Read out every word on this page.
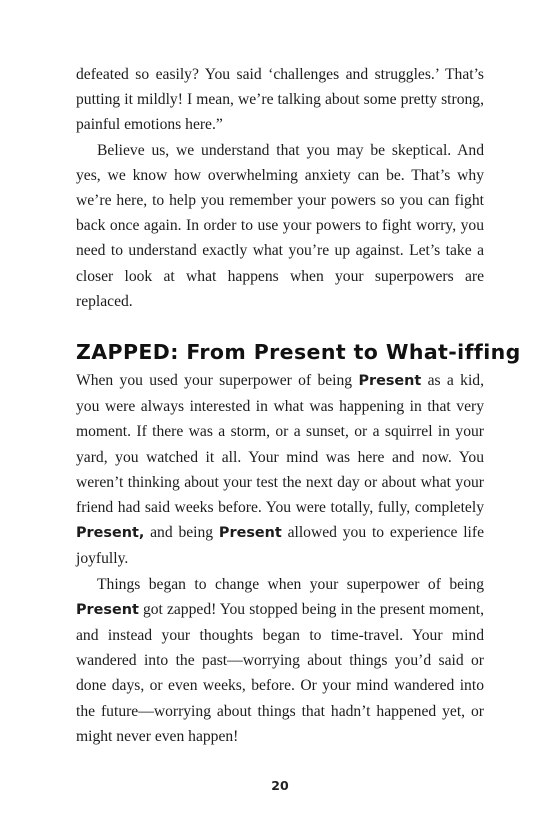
defeated so easily? You said ‘challenges and struggles.’ That’s putting it mildly! I mean, we’re talking about some pretty strong, painful emotions here.”

Believe us, we understand that you may be skeptical. And yes, we know how overwhelming anxiety can be. That’s why we’re here, to help you remember your powers so you can fight back once again. In order to use your powers to fight worry, you need to understand exactly what you’re up against. Let’s take a closer look at what happens when your superpowers are replaced.

ZAPPED: From Present to What-iffing

When you used your superpower of being Present as a kid, you were always interested in what was happening in that very moment. If there was a storm, or a sunset, or a squirrel in your yard, you watched it all. Your mind was here and now. You weren’t thinking about your test the next day or about what your friend had said weeks before. You were totally, fully, completely Present, and being Present allowed you to experience life joyfully.

Things began to change when your superpower of being Present got zapped! You stopped being in the present moment, and instead your thoughts began to time-travel. Your mind wandered into the past—worrying about things you’d said or done days, or even weeks, before. Or your mind wandered into the future—worrying about things that hadn’t happened yet, or might never even happen!

20
